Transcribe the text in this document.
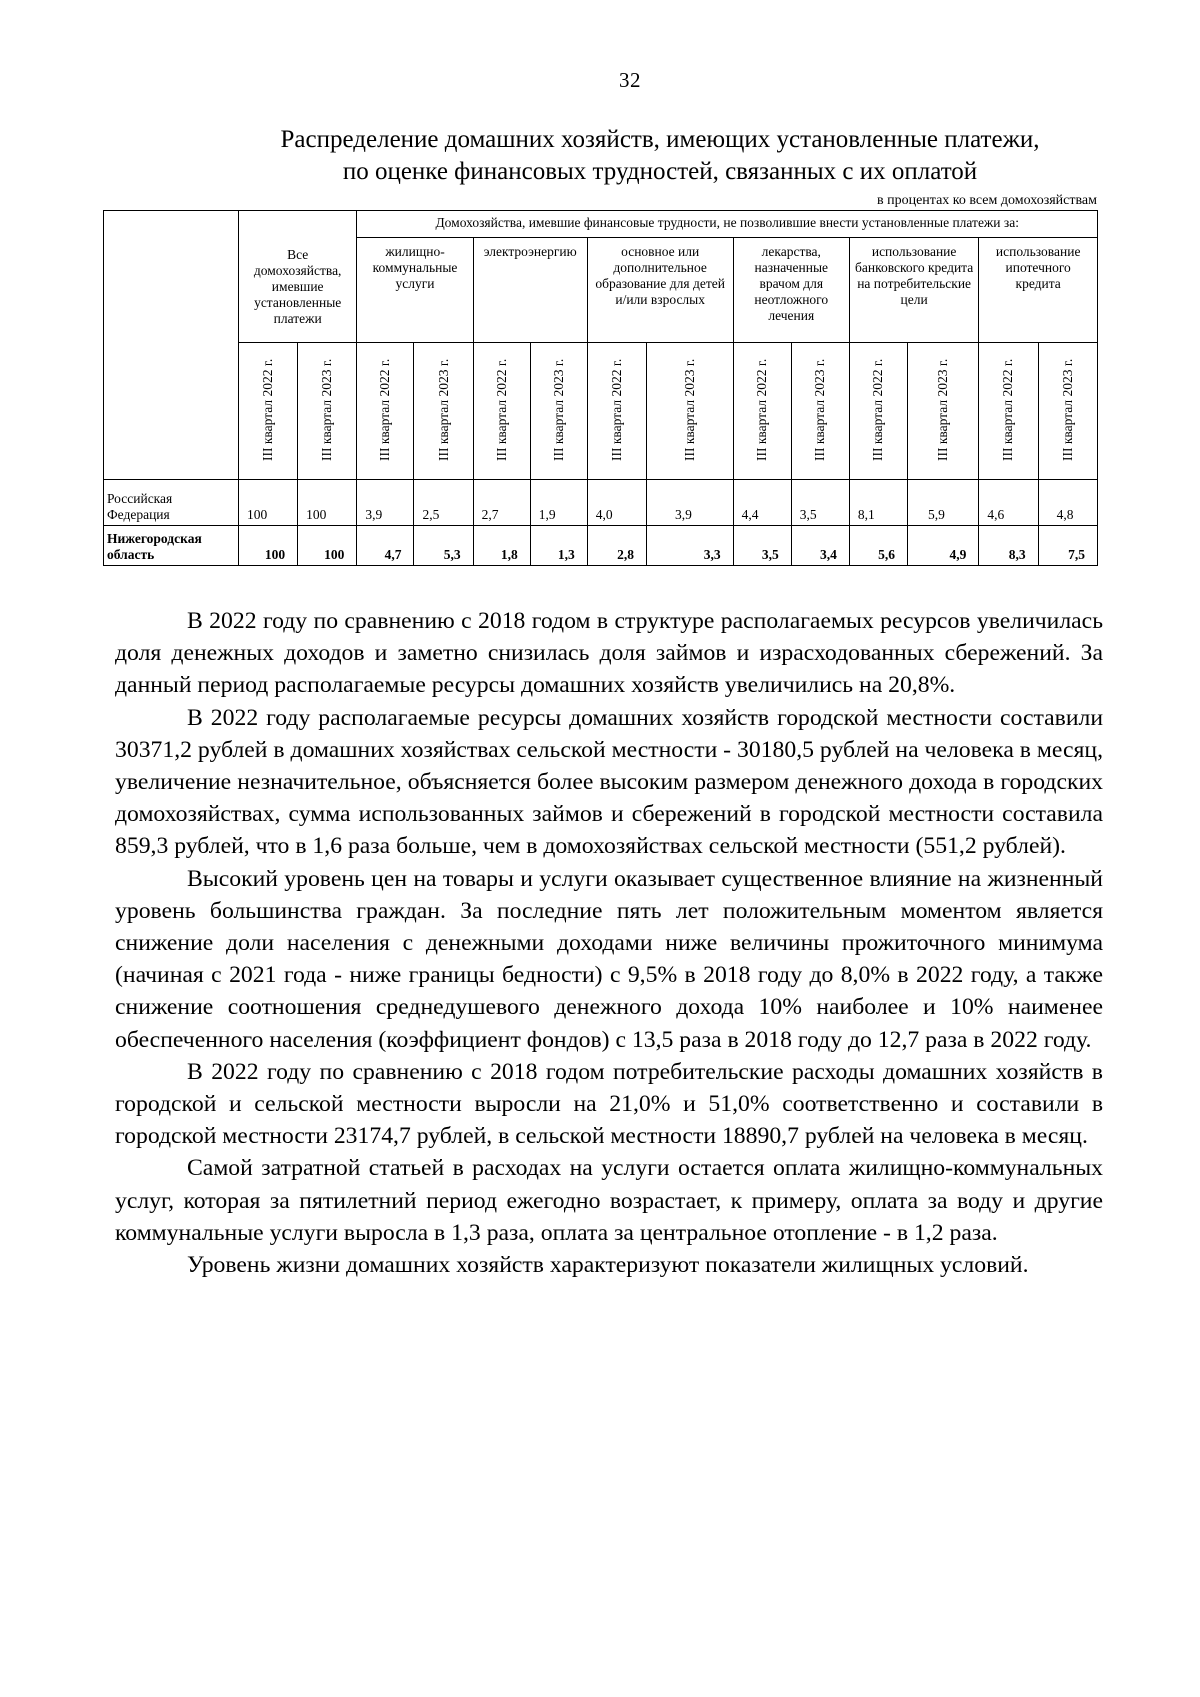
32
Распределение домашних хозяйств, имеющих установленные платежи,
по оценке финансовых трудностей, связанных с их оплатой
в процентах ко всем домохозяйствам
	Все домохозяйства, имевшие установленные платежи		Домохозяйства, имевшие финансовые трудности, не позволившие внести установленные платежи за:											
			жилищно-коммунальные услуги		электроэнергию		основное или дополнительное образование для детей и/или взрослых		лекарства, назначенные врачом для неотложного лечения		использование банковского кредита на потребительские цели		использование ипотечного кредита	
	III квартал 2022 г.	III квартал 2023 г.	III квартал 2022 г.	III квартал 2023 г.	III квартал 2022 г.	III квартал 2023 г.	III квартал 2022 г.	III квартал 2023 г.	III квартал 2022 г.	III квартал 2023 г.	III квартал 2022 г.	III квартал 2023 г.	III квартал 2022 г.	III квартал 2023 г.
Российская Федерация	100	100	3,9	2,5	2,7	1,9	4,0	3,9	4,4	3,5	8,1	5,9	4,6	4,8
Нижегородская область	100	100	4,7	5,3	1,8	1,3	2,8	3,3	3,5	3,4	5,6	4,9	8,3	7,5

В 2022 году по сравнению с 2018 годом в структуре располагаемых ресурсов увеличилась доля денежных доходов и заметно снизилась доля займов и израсходованных сбережений. За данный период располагаемые ресурсы домашних хозяйств увеличились на 20,8%.

В 2022 году располагаемые ресурсы домашних хозяйств городской местности составили 30371,2 рублей в домашних хозяйствах сельской местности - 30180,5 рублей на человека в месяц, увеличение незначительное, объясняется более высоким размером денежного дохода в городских домохозяйствах, сумма использованных займов и сбережений в городской местности составила 859,3 рублей, что в 1,6 раза больше, чем в домохозяйствах сельской местности (551,2 рублей).

Высокий уровень цен на товары и услуги оказывает существенное влияние на жизненный уровень большинства граждан. За последние пять лет положительным моментом является снижение доли населения с денежными доходами ниже величины прожиточного минимума (начиная с 2021 года - ниже границы бедности) с 9,5% в 2018 году до 8,0% в 2022 году, а также снижение соотношения среднедушевого денежного дохода 10% наиболее и 10% наименее обеспеченного населения (коэффициент фондов) с 13,5 раза в 2018 году до 12,7 раза в 2022 году.

В 2022 году по сравнению с 2018 годом потребительские расходы домашних хозяйств в городской и сельской местности выросли на 21,0% и 51,0% соответственно и составили в городской местности 23174,7 рублей, в сельской местности 18890,7 рублей на человека в месяц.

Самой затратной статьей в расходах на услуги остается оплата жилищно-коммунальных услуг, которая за пятилетний период ежегодно возрастает, к примеру, оплата за воду и другие коммунальные услуги выросла в 1,3 раза, оплата за центральное отопление - в 1,2 раза.

Уровень жизни домашних хозяйств характеризуют показатели жилищных условий.
